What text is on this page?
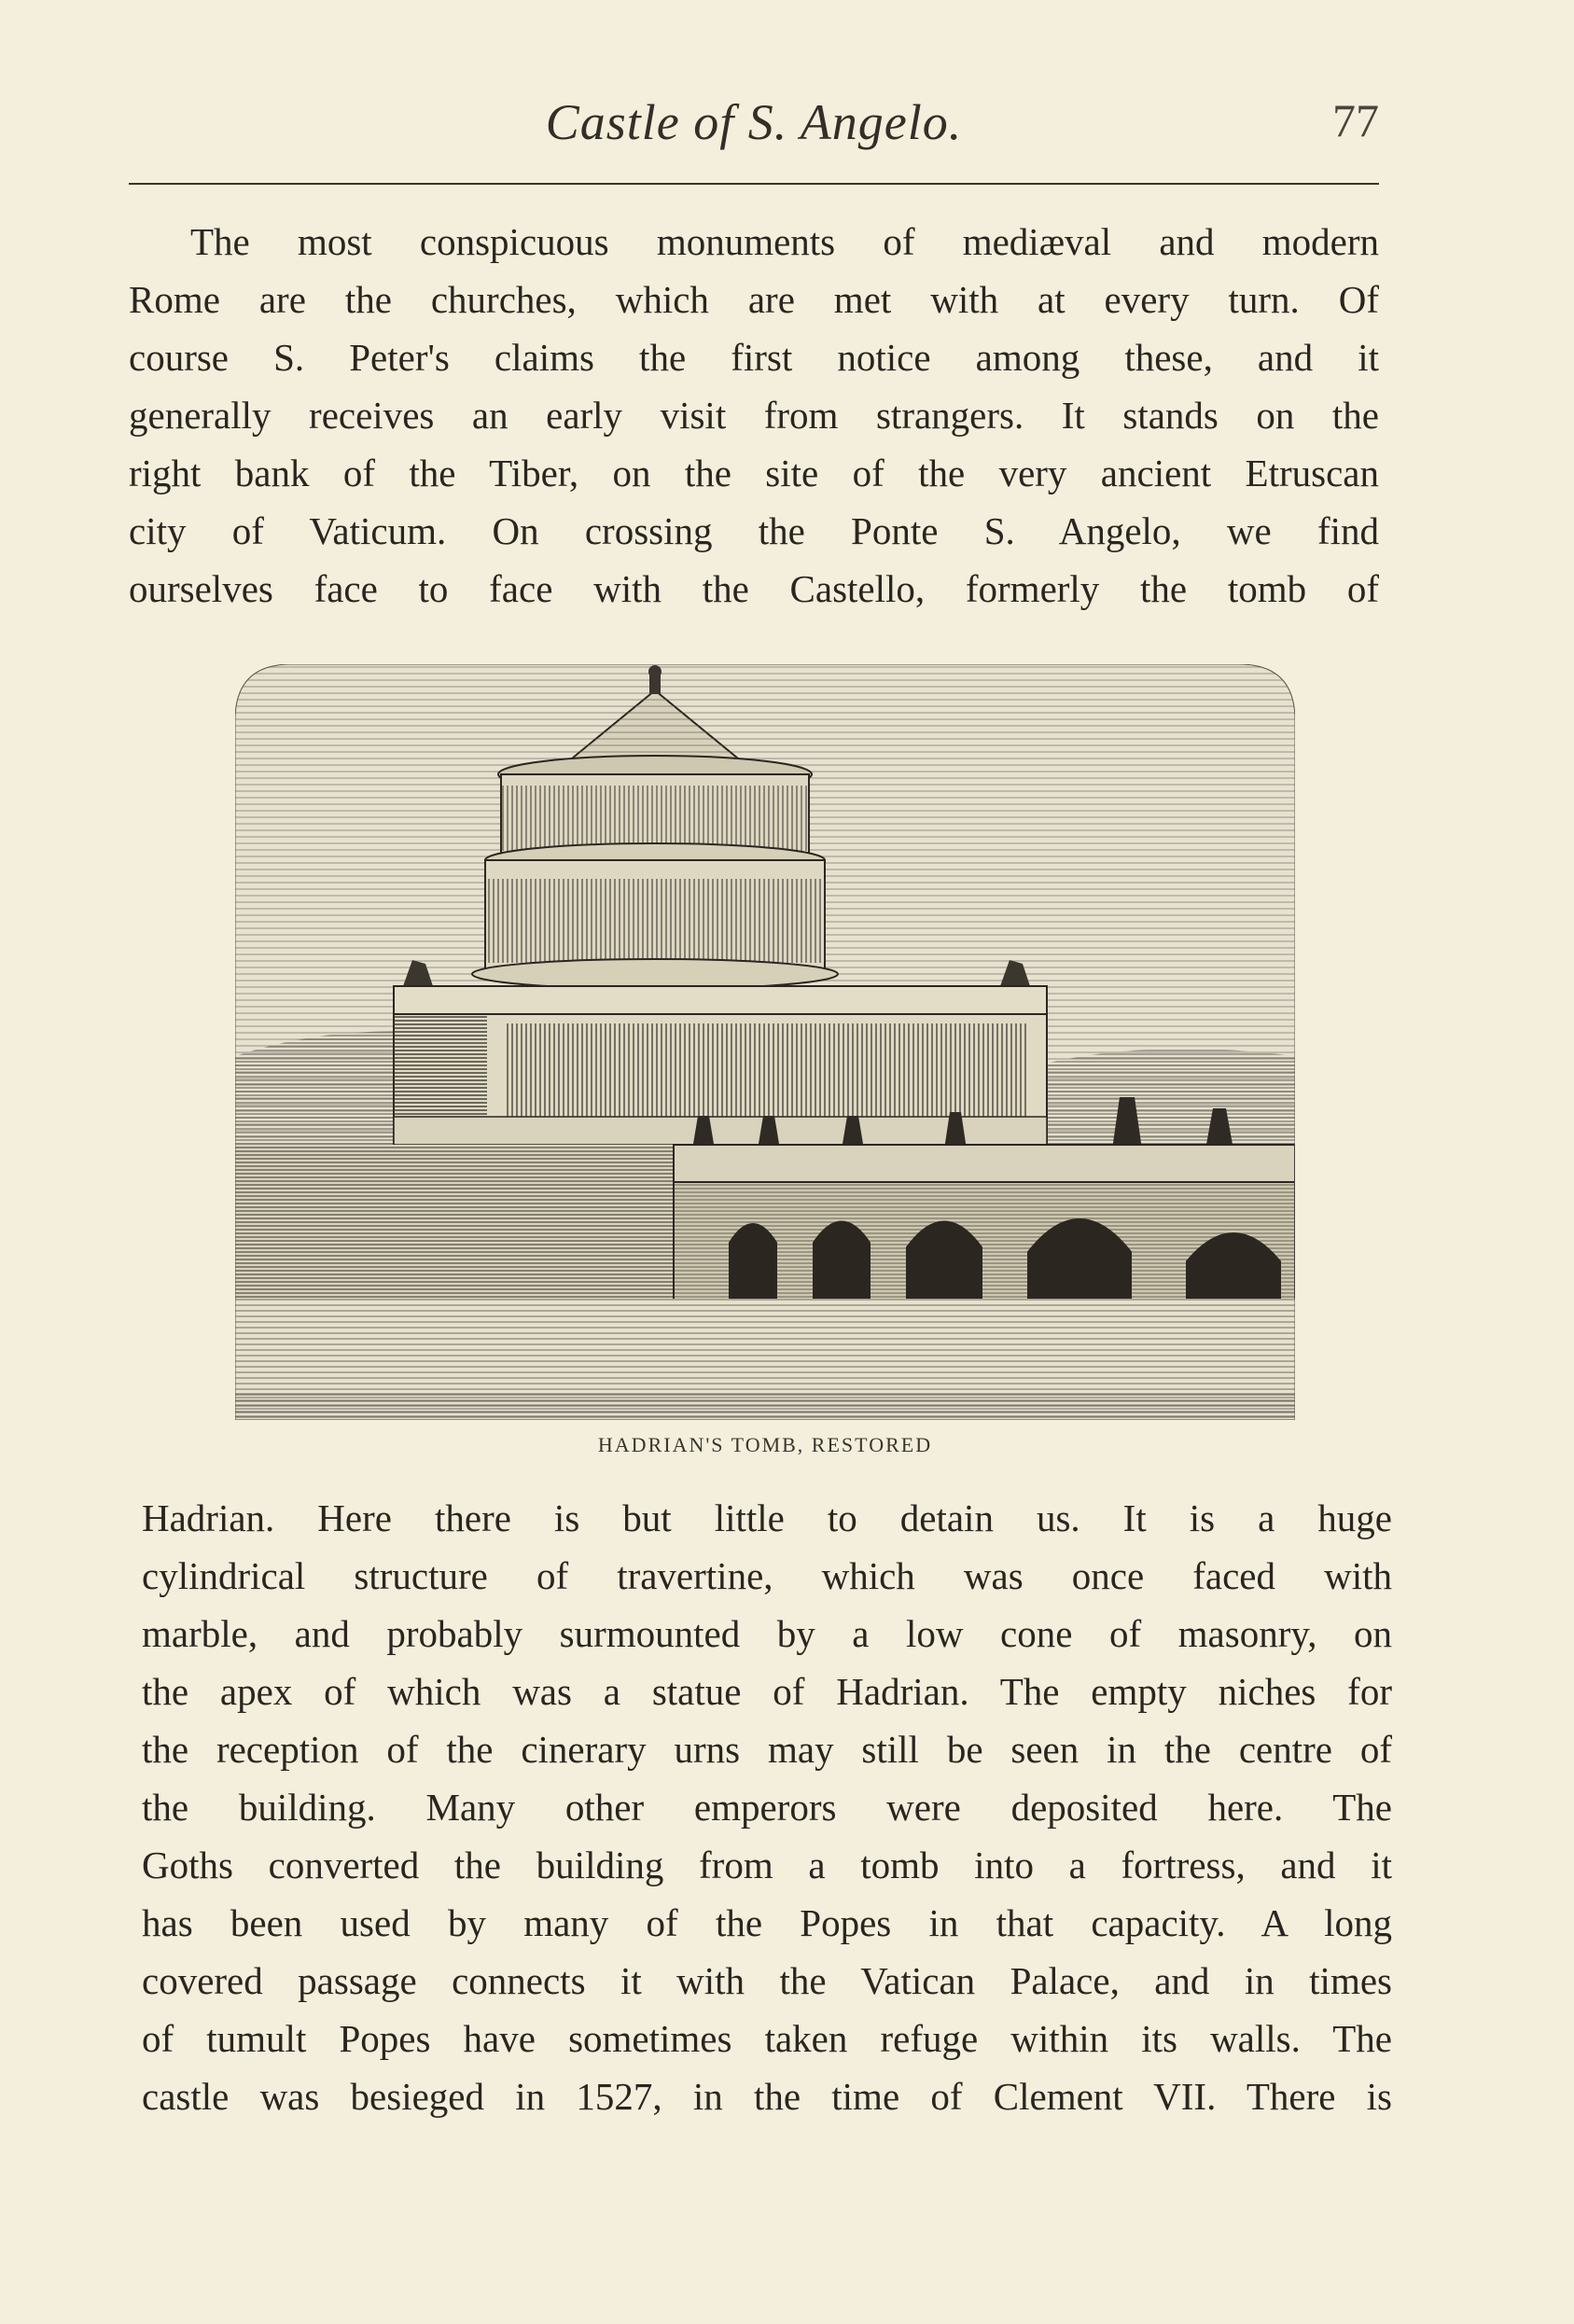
Castle of S. Angelo.	77
The most conspicuous monuments of mediæval and modern
Rome are the churches, which are met with at every turn. Of
course S. Peter's claims the first notice among these, and it
generally receives an early visit from strangers. It stands on the
right bank of the Tiber, on the site of the very ancient Etruscan
city of Vaticum. On crossing the Ponte S. Angelo, we find
ourselves face to face with the Castello, formerly the tomb of
HADRIAN'S TOMB, RESTORED
Hadrian. Here there is but little to detain us. It is a huge
cylindrical structure of travertine, which was once faced with
marble, and probably surmounted by a low cone of masonry, on
the apex of which was a statue of Hadrian. The empty niches for
the reception of the cinerary urns may still be seen in the centre of
the building. Many other emperors were deposited here. The
Goths converted the building from a tomb into a fortress, and it
has been used by many of the Popes in that capacity. A long
covered passage connects it with the Vatican Palace, and in times
of tumult Popes have sometimes taken refuge within its walls. The
castle was besieged in 1527, in the time of Clement VII. There is
